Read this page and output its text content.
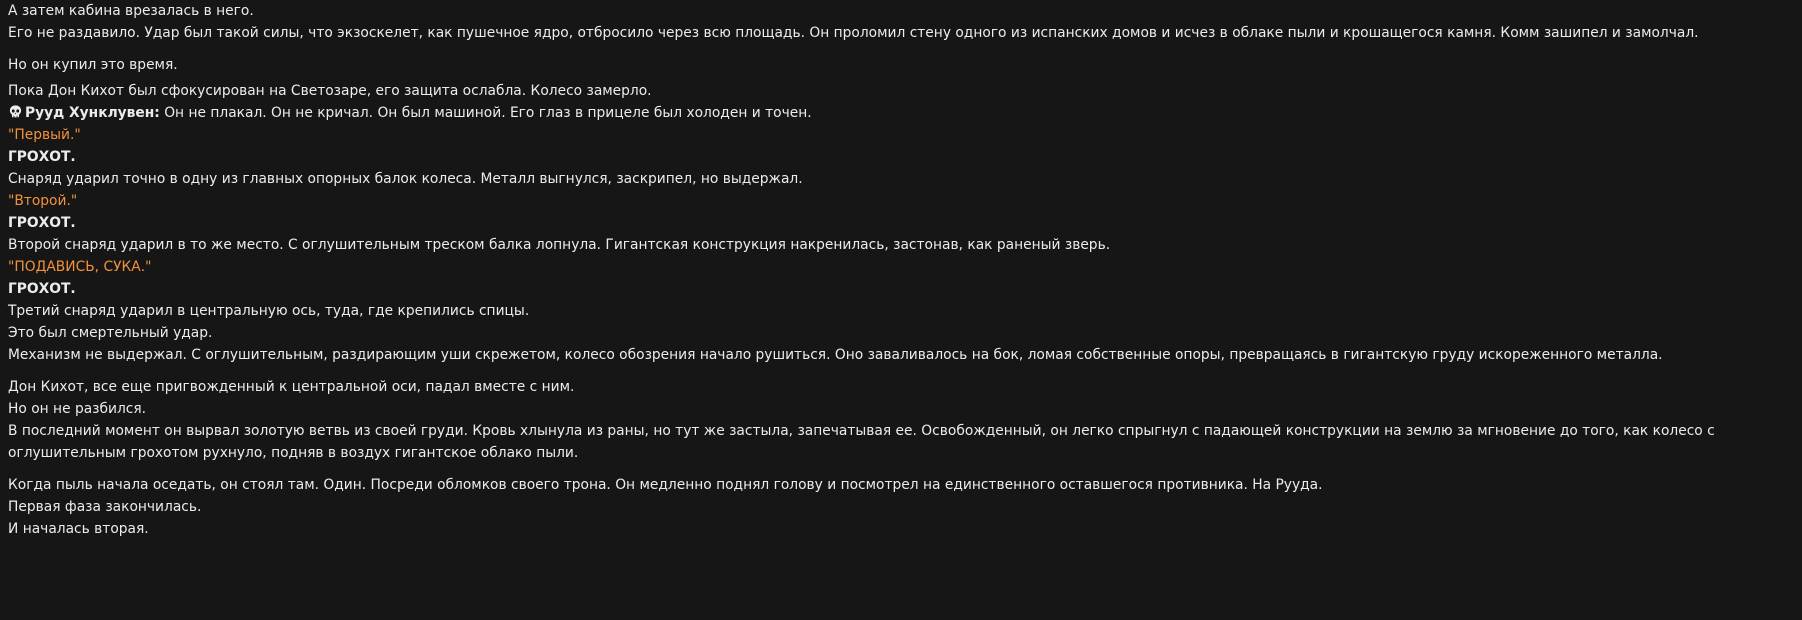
А затем кабина врезалась в него.

Его не раздавило. Удар был такой силы, что экзоскелет, как пушечное ядро, отбросило через всю площадь. Он проломил стену одного из испанских домов и исчез в облаке пыли и крошащегося камня. Комм зашипел и замолчал.

Но он купил это время.

Пока Дон Кихот был сфокусирован на Светозаре, его защита ослабла. Колесо замерло.

Рууд Хунклувен: Он не плакал. Он не кричал. Он был машиной. Его глаз в прицеле был холоден и точен.

"Первый."

ГРОХОТ.

Снаряд ударил точно в одну из главных опорных балок колеса. Металл выгнулся, заскрипел, но выдержал.

"Второй."

ГРОХОТ.

Второй снаряд ударил в то же место. С оглушительным треском балка лопнула. Гигантская конструкция накренилась, застонав, как раненый зверь.

"ПОДАВИСЬ, СУКА."

ГРОХОТ.

Третий снаряд ударил в центральную ось, туда, где крепились спицы.

Это был смертельный удар.

Механизм не выдержал. С оглушительным, раздирающим уши скрежетом, колесо обозрения начало рушиться. Оно заваливалось на бок, ломая собственные опоры, превращаясь в гигантскую груду искореженного металла.

Дон Кихот, все еще пригвожденный к центральной оси, падал вместе с ним.

Но он не разбился.

В последний момент он вырвал золотую ветвь из своей груди. Кровь хлынула из раны, но тут же застыла, запечатывая ее. Освобожденный, он легко спрыгнул с падающей конструкции на землю за мгновение до того, как колесо с оглушительным грохотом рухнуло, подняв в воздух гигантское облако пыли.

Когда пыль начала оседать, он стоял там. Один. Посреди обломков своего трона. Он медленно поднял голову и посмотрел на единственного оставшегося противника. На Рууда.

Первая фаза закончилась.

И началась вторая.
